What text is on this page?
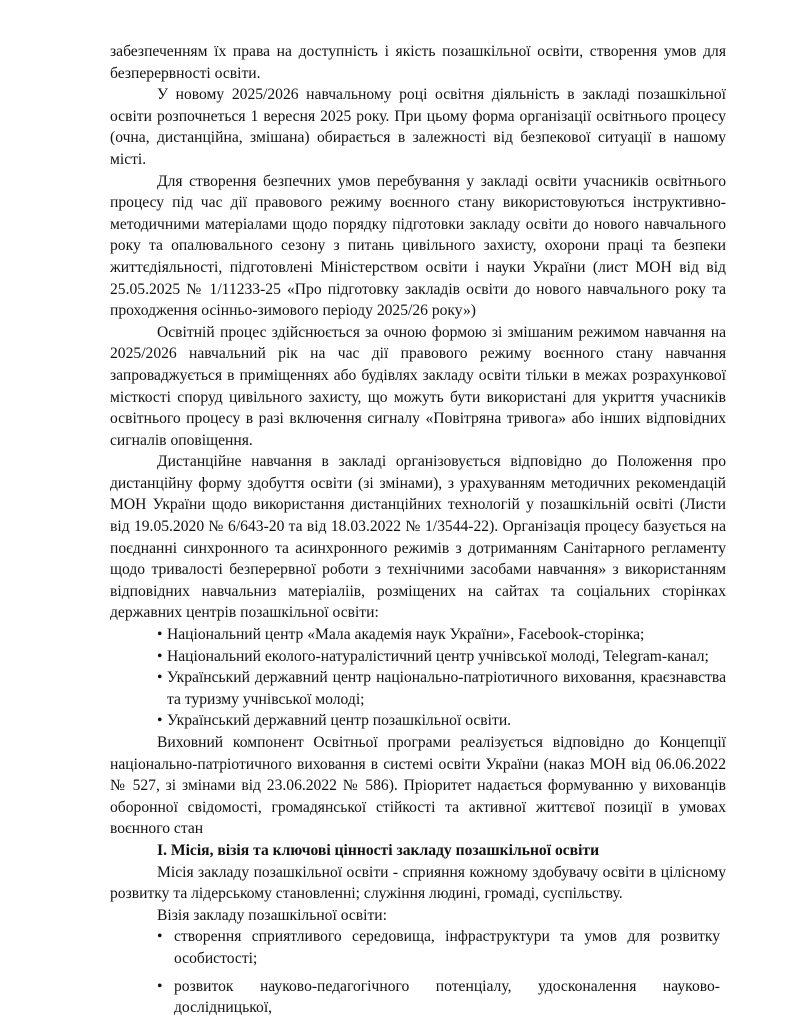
забезпеченням їх права на доступність і якість позашкільної освіти, створення умов для безперервності освіти.

У новому 2025/2026 навчальному році освітня діяльність в закладі позашкільної освіти розпочнеться 1 вересня 2025 року. При цьому форма організації освітнього процесу (очна, дистанційна, змішана) обирається в залежності від безпекової ситуації в нашому місті.

Для створення безпечних умов перебування у закладі освіти учасників освітнього процесу під час дії правового режиму воєнного стану використовуються інструктивно-методичними матеріалами щодо порядку підготовки закладу освіти до нового навчального року та опалювального сезону з питань цивільного захисту, охорони праці та безпеки життєдіяльності, підготовлені Міністерством освіти і науки України (лист МОН від від 25.05.2025 № 1/11233-25 «Про підготовку закладів освіти до нового навчального року та проходження осінньо-зимового періоду 2025/26 року»)

Освітній процес здійснюється за очною формою зі змішаним режимом навчання на 2025/2026 навчальний рік на час дії правового режиму воєнного стану навчання запроваджується в приміщеннях або будівлях закладу освіти тільки в межах розрахункової місткості споруд цивільного захисту, що можуть бути використані для укриття учасників освітнього процесу в разі включення сигналу «Повітряна тривога» або інших відповідних сигналів оповіщення.

Дистанційне навчання в закладі організовується відповідно до Положення про дистанційну форму здобуття освіти (зі змінами), з урахуванням методичних рекомендацій МОН України щодо використання дистанційних технологій у позашкільній освіті (Листи від 19.05.2020 № 6/643-20 та від 18.03.2022 № 1/3544-22). Організація процесу базується на поєднанні синхронного та асинхронного режимів з дотриманням Санітарного регламенту щодо тривалості безперервної роботи з технічними засобами навчання» з використанням відповідних навчальниз матеріаліів, розміщених на сайтах та соціальних сторінках державних центрів позашкільної освіти:

• Національний центр «Мала академія наук України», Facebook-сторінка;
• Національний еколого-натуралістичний центр учнівської молоді, Telegram-канал;
• Український державний центр національно-патріотичного виховання, краєзнавства та туризму учнівської молоді;
• Український державний центр позашкільної освіти.

Виховний компонент Освітньої програми реалізується відповідно до Концепції національно-патріотичного виховання в системі освіти України (наказ МОН від 06.06.2022 № 527, зі змінами від 23.06.2022 № 586). Пріоритет надається формуванню у вихованців оборонної свідомості, громадянської стійкості та активної життєвої позиції в умовах воєнного стан

І. Місія, візія та ключові цінності закладу позашкільної освіти

Місія закладу позашкільної освіти - сприяння кожному здобувачу освіти в цілісному розвитку та лідерському становленні; служіння людині, громаді, суспільству.

Візія закладу позашкільної освіти:

• створення сприятливого середовища, інфраструктури та умов для розвитку особистості;
• розвиток науково-педагогічного потенціалу, удосконалення науково-дослідницької,
